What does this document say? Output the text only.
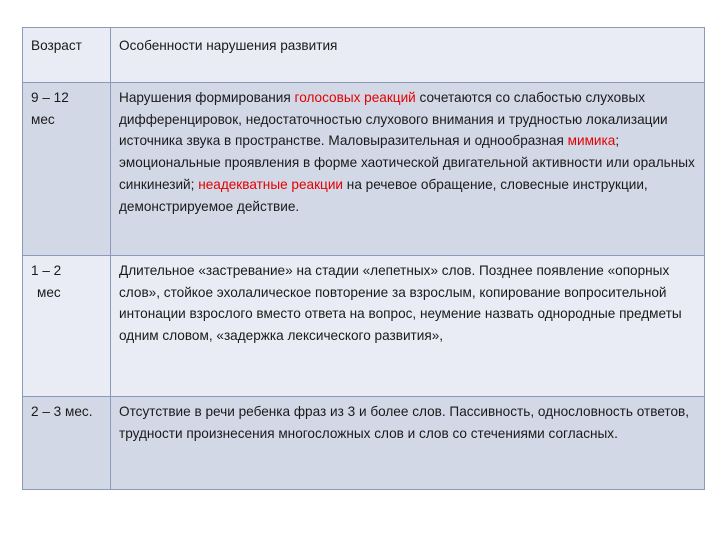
Возраст	Особенности нарушения развития

9 – 12
мес	Нарушения формирования голосовых реакций сочетаются со слабостью слуховых дифференцировок, недостаточностью слухового внимания и трудностью локализации источника звука в пространстве. Маловыразительная и однообразная мимика; эмоциональные проявления в форме хаотической двигательной активности или оральных синкинезий; неадекватные реакции на речевое обращение, словесные инструкции, демонстрируемое действие.

1 – 2
мес	Длительное «застревание» на стадии «лепетных» слов. Позднее появление «опорных слов», стойкое эхолалическое повторение за взрослым, копирование вопросительной интонации взрослого вместо ответа на вопрос, неумение назвать однородные предметы одним словом, «задержка лексического развития»,

2 – 3 мес.	Отсутствие в речи ребенка фраз из 3 и более слов. Пассивность, однословность ответов, трудности произнесения многосложных слов и слов со стечениями согласных.
